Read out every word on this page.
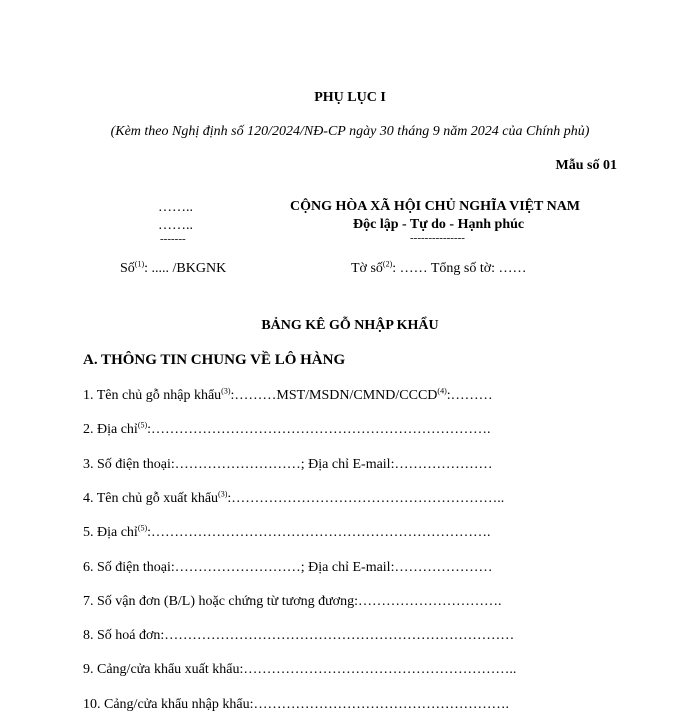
PHỤ LỤC I
(Kèm theo Nghị định số 120/2024/NĐ-CP ngày 30 tháng 9 năm 2024 của Chính phủ)
Mẫu số 01
……..
……..
-------
Số$^{(1)}$: ..... /BKGNK
CỘNG HÒA XÃ HỘI CHỦ NGHĨA VIỆT NAM
Độc lập - Tự do - Hạnh phúc
---------------
Tờ số$^{(2)}$: …… Tổng số tờ: ……
BẢNG KÊ GỖ NHẬP KHẨU
A. THÔNG TIN CHUNG VỀ LÔ HÀNG
1. Tên chủ gỗ nhập khẩu$^{(3)}$:………MST/MSDN/CMND/CCCD$^{(4)}$:………
2. Địa chỉ$^{(5)}$:……………………………………………………………….
3. Số điện thoại:………………………; Địa chỉ E-mail:…………………
4. Tên chủ gỗ xuất khẩu$^{(3)}$:…………………………………………………..
5. Địa chỉ$^{(5)}$:……………………………………………………………….
6. Số điện thoại:………………………; Địa chỉ E-mail:…………………
7. Số vận đơn (B/L) hoặc chứng từ tương đương:………………………….
8. Số hoá đơn:…………………………………………………………………
9. Cảng/cửa khẩu xuất khẩu:…………………………………………………..
10. Cảng/cửa khẩu nhập khẩu:……………………………………………….
